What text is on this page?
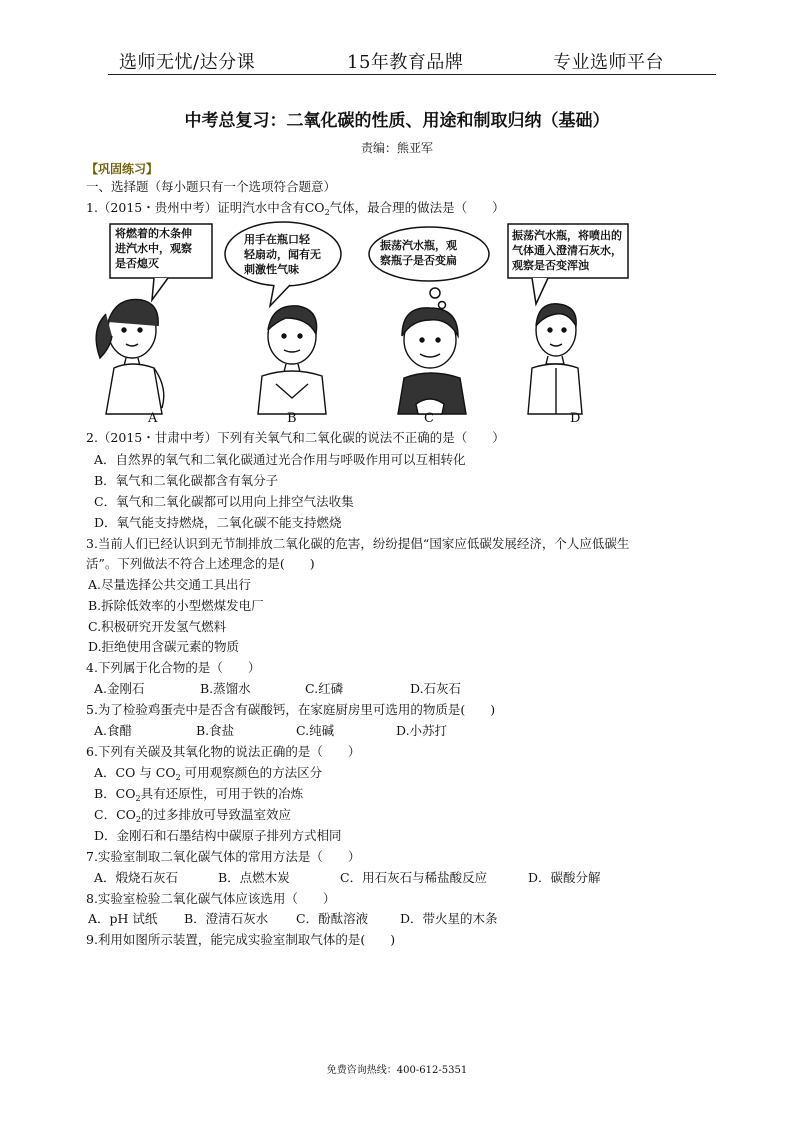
选师无忧/达分课	15年教育品牌	专业选师平台
中考总复习：二氧化碳的性质、用途和制取归纳（基础）
责编：熊亚军
【巩固练习】
一、选择题（每小题只有一个选项符合题意）
1.（2015・贵州中考）证明汽水中含有$CO_2$气体，最合理的做法是（　　）
将燃着的木条伸
进汽水中，观察
是否熄灭
用手在瓶口轻
轻扇动，闻有无
刺激性气味
振荡汽水瓶，观
察瓶子是否变扁
振荡汽水瓶，将喷出的
气体通入澄清石灰水，
观察是否变浑浊
A	B	C	D
2.（2015・甘肃中考）下列有关氧气和二氧化碳的说法不正确的是（　　）
A．自然界的氧气和二氧化碳通过光合作用与呼吸作用可以互相转化
B．氧气和二氧化碳都含有氧分子
C．氧气和二氧化碳都可以用向上排空气法收集
D．氧气能支持燃烧，二氧化碳不能支持燃烧
3.当前人们已经认识到无节制排放二氧化碳的危害，纷纷提倡“国家应低碳发展经济，个人应低碳生
活”。下列做法不符合上述理念的是(　　)
A.尽量选择公共交通工具出行
B.拆除低效率的小型燃煤发电厂
C.积极研究开发氢气燃料
D.拒绝使用含碳元素的物质
4.下列属于化合物的是（　　）
A.金刚石	B.蒸馏水	C.红磷	D.石灰石
5.为了检验鸡蛋壳中是否含有碳酸钙，在家庭厨房里可选用的物质是(　　)
A.食醋	B.食盐	C.纯碱	D.小苏打
6.下列有关碳及其氧化物的说法正确的是（　　）
A．CO 与 $CO_2$ 可用观察颜色的方法区分
B．$CO_2$具有还原性，可用于铁的冶炼
C．$CO_2$的过多排放可导致温室效应
D．金刚石和石墨结构中碳原子排列方式相同
7.实验室制取二氧化碳气体的常用方法是（　　）
A．煅烧石灰石	B．点燃木炭	C．用石灰石与稀盐酸反应	D．碳酸分解
8.实验室检验二氧化碳气体应该选用（　　）
A．pH 试纸 B．澄清石灰水 C．酚酞溶液	D．带火星的木条
9.利用如图所示装置，能完成实验室制取气体的是(　　)
免费咨询热线：400-612-5351
